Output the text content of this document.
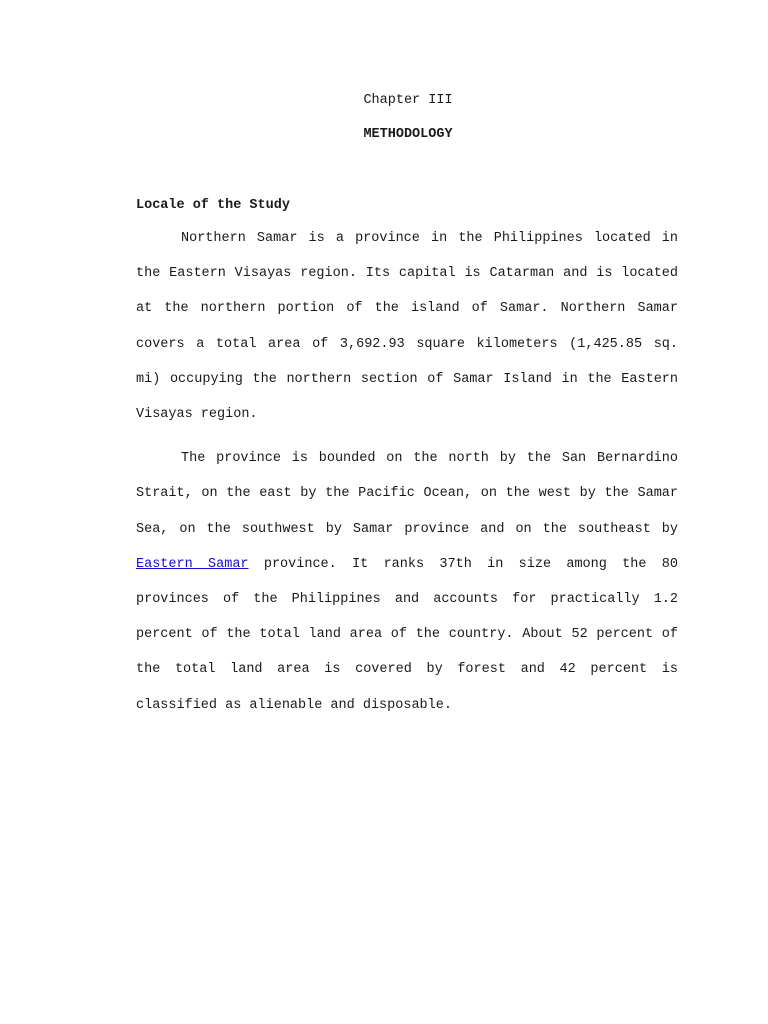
Chapter III

METHODOLOGY

Locale of the Study

Northern Samar is a province in the Philippines located in the Eastern Visayas region. Its capital is Catarman and is located at the northern portion of the island of Samar. Northern Samar covers a total area of 3,692.93 square kilometers (1,425.85 sq. mi) occupying the northern section of Samar Island in the Eastern Visayas region.

The province is bounded on the north by the San Bernardino Strait, on the east by the Pacific Ocean, on the west by the Samar Sea, on the southwest by Samar province and on the southeast by Eastern Samar province. It ranks 37th in size among the 80 provinces of the Philippines and accounts for practically 1.2 percent of the total land area of the country. About 52 percent of the total land area is covered by forest and 42 percent is classified as alienable and disposable.
